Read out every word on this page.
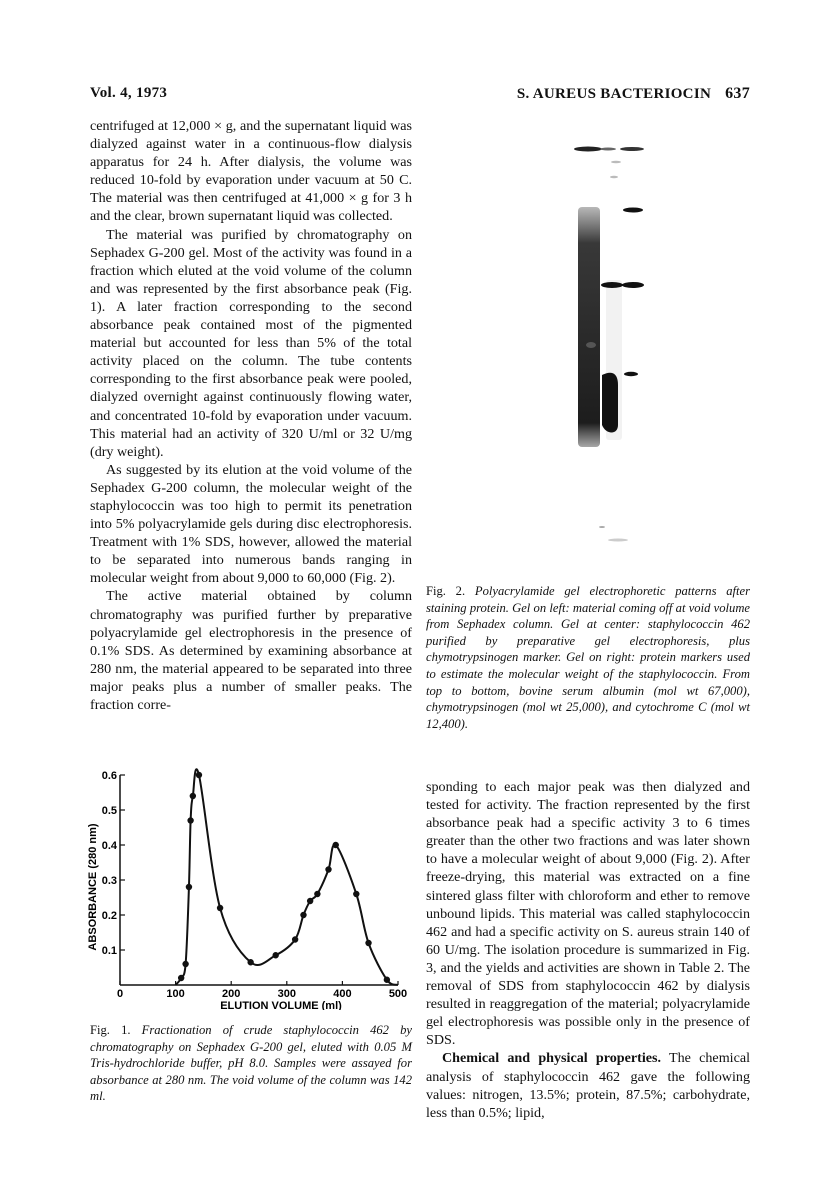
Vol. 4, 1973	S. AUREUS BACTERIOCIN 637

centrifuged at 12,000 × g, and the supernatant liquid was dialyzed against water in a continuous-flow dialysis apparatus for 24 h. After dialysis, the volume was reduced 10-fold by evaporation under vacuum at 50 C. The material was then centrifuged at 41,000 × g for 3 h and the clear, brown supernatant liquid was collected.

The material was purified by chromatography on Sephadex G-200 gel. Most of the activity was found in a fraction which eluted at the void volume of the column and was represented by the first absorbance peak (Fig. 1). A later fraction corresponding to the second absorbance peak contained most of the pigmented material but accounted for less than 5% of the total activity placed on the column. The tube contents corresponding to the first absorbance peak were pooled, dialyzed overnight against continuously flowing water, and concentrated 10-fold by evaporation under vacuum. This material had an activity of 320 U/ml or 32 U/mg (dry weight).

As suggested by its elution at the void volume of the Sephadex G-200 column, the molecular weight of the staphylococcin was too high to permit its penetration into 5% polyacrylamide gels during disc electrophoresis. Treatment with 1% SDS, however, allowed the material to be separated into numerous bands ranging in molecular weight from about 9,000 to 60,000 (Fig. 2).

The active material obtained by column chromatography was purified further by preparative polyacrylamide gel electrophoresis in the presence of 0.1% SDS. As determined by examining absorbance at 280 nm, the material appeared to be separated into three major peaks plus a number of smaller peaks. The fraction corre-

Fig. 2. Polyacrylamide gel electrophoretic patterns after staining protein. Gel on left: material coming off at void volume from Sephadex column. Gel at center: staphylococcin 462 purified by preparative gel electrophoresis, plus chymotrypsinogen marker. Gel on right: protein markers used to estimate the molecular weight of the staphylococcin. From top to bottom, bovine serum albumin (mol wt 67,000), chymotrypsinogen (mol wt 25,000), and cytochrome C (mol wt 12,400).
0.1
0.2
0.3
0.4
0.5
0.6
0	100	200	300	400	500
ABSORBANCE (280 nm)
ELUTION VOLUME (ml)
Fig. 1. Fractionation of crude staphylococcin 462 by chromatography on Sephadex G-200 gel, eluted with 0.05 M Tris-hydrochloride buffer, pH 8.0. Samples were assayed for absorbance at 280 nm. The void volume of the column was 142 ml.

sponding to each major peak was then dialyzed and tested for activity. The fraction represented by the first absorbance peak had a specific activity 3 to 6 times greater than the other two fractions and was later shown to have a molecular weight of about 9,000 (Fig. 2). After freeze-drying, this material was extracted on a fine sintered glass filter with chloroform and ether to remove unbound lipids. This material was called staphylococcin 462 and had a specific activity on S. aureus strain 140 of 60 U/mg. The isolation procedure is summarized in Fig. 3, and the yields and activities are shown in Table 2. The removal of SDS from staphylococcin 462 by dialysis resulted in reaggregation of the material; polyacrylamide gel electrophoresis was possible only in the presence of SDS.

Chemical and physical properties. The chemical analysis of staphylococcin 462 gave the following values: nitrogen, 13.5%; protein, 87.5%; carbohydrate, less than 0.5%; lipid,
